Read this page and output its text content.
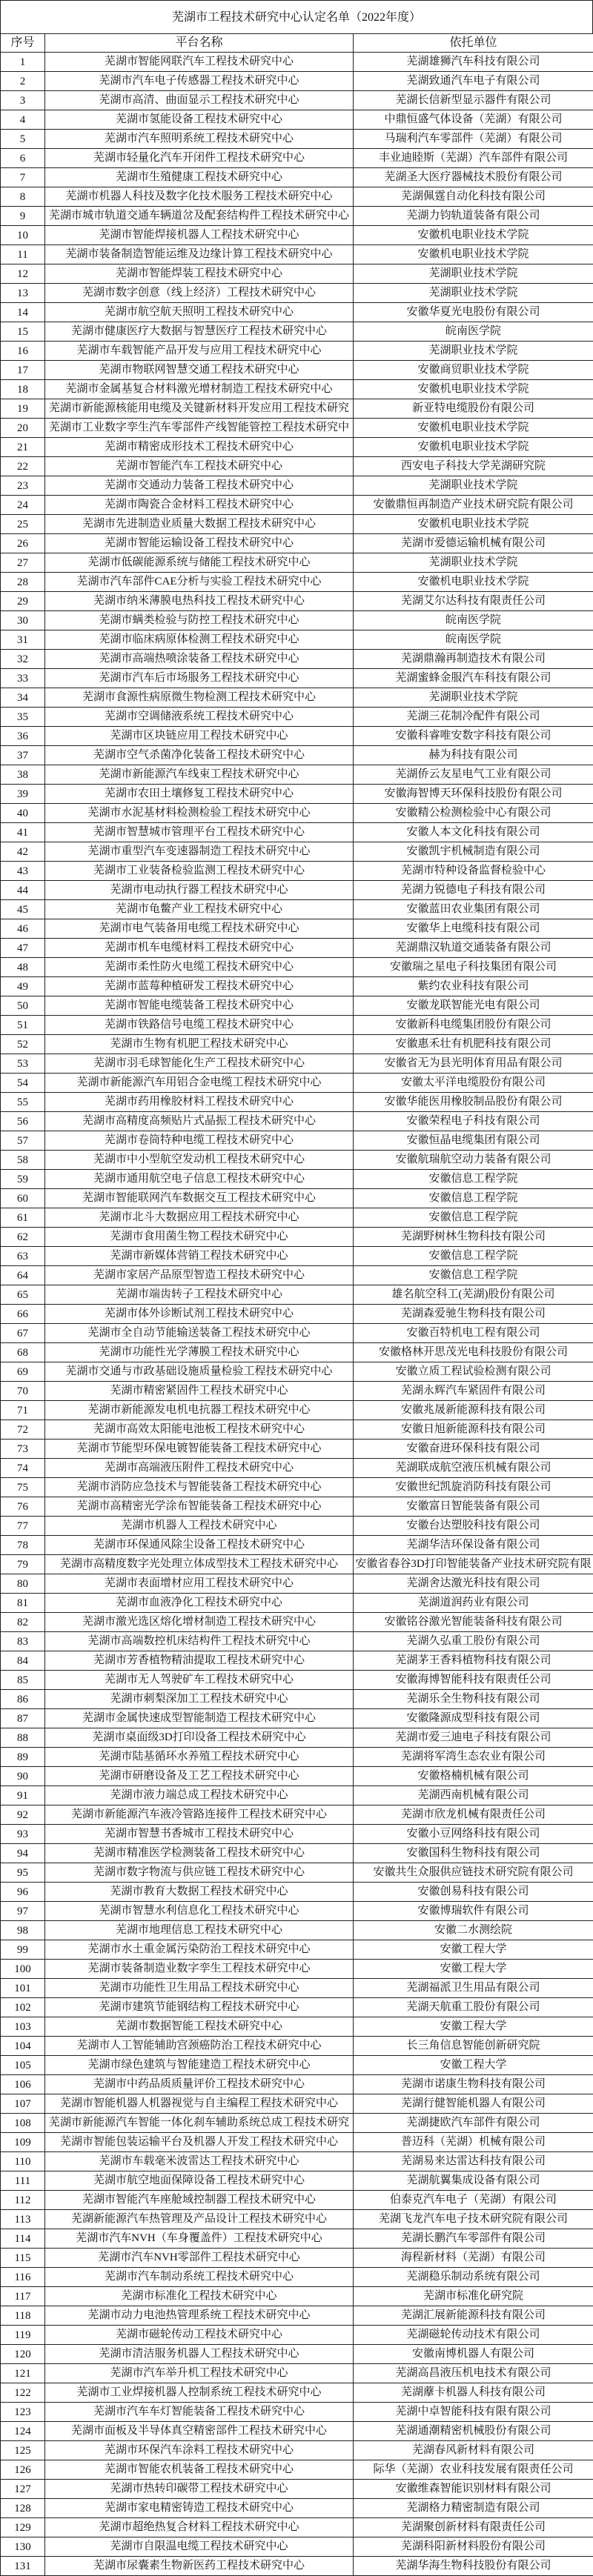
芜湖市工程技术研究中心认定名单（2022年度）
序号	平台名称	依托单位
1	芜湖市智能网联汽车工程技术研究中心	芜湖雄狮汽车科技有限公司

2	芜湖市汽车电子传感器工程技术研究中心	芜湖致通汽车电子有限公司

3	芜湖市高清、曲面显示工程技术研究中心	芜湖长信新型显示器件有限公司

4	芜湖市氢能设备工程技术研究中心	中鼎恒盛气体设备（芜湖）有限公司

5	芜湖市汽车照明系统工程技术研究中心	马瑞利汽车零部件（芜湖）有限公司

6	芜湖市轻量化汽车开闭件工程技术研究中心	丰业迪睦斯（芜湖）汽车部件有限公司

7	芜湖市生殖健康工程技术研究中心	芜湖圣大医疗器械技术股份有限公司

8	芜湖市机器人科技及数字化技术服务工程技术研究中心	芜湖佩霆自动化科技有限公司

9	芜湖市城市轨道交通车辆道岔及配套结构件工程技术研究中心	芜湖力钧轨道装备有限公司

10	芜湖市智能焊接机器人工程技术研究中心	安徽机电职业技术学院

11	芜湖市装备制造智能运维及边缘计算工程技术研究中心	安徽机电职业技术学院

12	芜湖市智能焊装工程技术研究中心	芜湖职业技术学院

13	芜湖市数字创意（线上经济）工程技术研究中心	芜湖职业技术学院

14	芜湖市航空航天照明工程技术研究中心	安徽华夏光电股份有限公司

15	芜湖市健康医疗大数据与智慧医疗工程技术研究中心	皖南医学院

16	芜湖市车载智能产品开发与应用工程技术研究中心	芜湖职业技术学院

17	芜湖市物联网智慧交通工程技术研究中心	安徽商贸职业技术学院

18	芜湖市金属基复合材料激光增材制造工程技术研究中心	安徽机电职业技术学院

19	芜湖市新能源核能用电缆及关键新材料开发应用工程技术研究	新亚特电缆股份有限公司

20	芜湖市工业数字孪生汽车零部件产线智能管控工程技术研究中	安徽机电职业技术学院

21	芜湖市精密成形技术工程技术研究中心	安徽机电职业技术学院

22	芜湖市智能汽车工程技术研究中心	西安电子科技大学芜湖研究院

23	芜湖市交通动力装备工程技术研究中心	芜湖职业技术学院

24	芜湖市陶瓷合金材料工程技术研究中心	安徽鼎恒再制造产业技术研究院有限公司

25	芜湖市先进制造业质量大数据工程技术研究中心	安徽机电职业技术学院

26	芜湖市智能运输设备工程技术研究中心	芜湖市爱德运输机械有限公司

27	芜湖市低碳能源系统与储能工程技术研究中心	芜湖职业技术学院

28	芜湖市汽车部件CAE分析与实验工程技术研究中心	安徽机电职业技术学院

29	芜湖市纳米薄膜电热科技工程技术研究中心	芜湖艾尔达科技有限责任公司

30	芜湖市螨类检验与防控工程技术研究中心	皖南医学院

31	芜湖市临床病原体检测工程技术研究中心	皖南医学院

32	芜湖市高端热喷涂装备工程技术研究中心	芜湖鼎瀚再制造技术有限公司

33	芜湖市汽车后市场服务工程技术研究中心	芜湖蜜蜂金服汽车科技有限公司

34	芜湖市食源性病原微生物检测工程技术研究中心	芜湖职业技术学院

35	芜湖市空调储液系统工程技术研究中心	芜湖三花制冷配件有限公司

36	芜湖市区块链应用工程技术研究中心	安徽科睿唯安数字科技有限公司

37	芜湖市空气杀菌净化装备工程技术研究中心	赫为科技有限公司

38	芜湖市新能源汽车线束工程技术研究中心	芜湖侨云友星电气工业有限公司

39	芜湖市农田土壤修复工程技术研究中心	安徽海智博天环保科技股份有限公司

40	芜湖市水泥基材料检测检验工程技术研究中心	安徽精公检测检验中心有限公司

41	芜湖市智慧城市管理平台工程技术研究中心	安徽人本文化科技有限公司

42	芜湖市重型汽车变速器制造工程技术研究中心	安徽凯宇机械制造有限公司

43	芜湖市工业装备检验监测工程技术研究中心	芜湖市特种设备监督检验中心

44	芜湖市电动执行器工程技术研究中心	芜湖力锐德电子科技有限公司

45	芜湖市龟鳖产业工程技术研究中心	安徽蓝田农业集团有限公司

46	芜湖市电气装备用电缆工程技术研究中心	安徽华上电缆科技有限公司

47	芜湖市机车电缆材料工程技术研究中心	芜湖鼎汉轨道交通装备有限公司

48	芜湖市柔性防火电缆工程技术研究中心	安徽瑞之星电子科技集团有限公司

49	芜湖市蓝莓种植研发工程技术研究中心	紫约农业科技有限公司

50	芜湖市智能电缆装备工程技术研究中心	安徽龙联智能光电有限公司

51	芜湖市铁路信号电缆工程技术研究中心	安徽新科电缆集团股份有限公司

52	芜湖市生物有机肥工程技术研究中心	安徽惠禾壮有机肥科技有限公司

53	芜湖市羽毛球智能化生产工程技术研究中心	安徽省无为县光明体育用品有限公司

54	芜湖市新能源汽车用铝合金电缆工程技术研究中心	安徽太平洋电缆股份有限公司

55	芜湖市药用橡胶材料工程技术研究中心	安徽华能医用橡胶制品股份有限公司

56	芜湖市高精度高频贴片式晶振工程技术研究中心	安徽荣程电子科技有限公司

57	芜湖市卷筒特种电缆工程技术研究中心	安徽恒晶电缆集团有限公司

58	芜湖市中小型航空发动机工程技术研究中心	安徽航瑞航空动力装备有限公司

59	芜湖市通用航空电子信息工程技术研究中心	安徽信息工程学院

60	芜湖市智能联网汽车数据交互工程技术研究中心	安徽信息工程学院

61	芜湖市北斗大数据应用工程技术研究中心	安徽信息工程学院

62	芜湖市食用菌生物工程技术研究中心	芜湖野树林生物科技有限公司

63	芜湖市新媒体营销工程技术研究中心	安徽信息工程学院

64	芜湖市家居产品原型智造工程技术研究中心	安徽信息工程学院

65	芜湖市端齿转子工程技术研究中心	雄名航空科工(芜湖)股份有限公司

66	芜湖市体外诊断试剂工程技术研究中心	芜湖森爱驰生物科技有限公司

67	芜湖市全自动节能输送装备工程技术研究中心	安徽百特机电工程有限公司

68	芜湖市功能性光学薄膜工程技术研究中心	安徽格林开思茂光电科技股份有限公司

69	芜湖市交通与市政基础设施质量检验工程技术研究中心	安徽立质工程试验检测有限公司

70	芜湖市精密紧固件工程技术研究中心	芜湖永辉汽车紧固件有限公司

71	芜湖市新能源发电机电抗器工程技术研究中心	安徽兆晟新能源科技有限公司

72	芜湖市高效太阳能电池板工程技术研究中心	安徽日旭新能源科技有限公司

73	芜湖市节能型环保电镀智能装备工程技术研究中心	安徽奋进环保科技有限公司

74	芜湖市高端液压附件工程技术研究中心	芜湖联成航空液压机械有限公司

75	芜湖市消防应急技术与智能装备工程技术研究中心	安徽世纪凯旋消防科技有限公司

76	芜湖市高精密光学涂布智能装备工程技术研究中心	安徽富日智能装备有限公司

77	芜湖市机器人工程技术研究中心	安徽台达塑胶科技有限公司

78	芜湖市环保通风除尘设备工程技术研究中心	芜湖华洁环保设备有限公司

79	芜湖市高精度数字光处理立体成型技术工程技术研究中心	安徽省春谷3D打印智能装备产业技术研究院有限

80	芜湖市表面增材应用工程技术研究中心	芜湖舍达激光科技有限公司

81	芜湖市血液净化工程技术研究中心	芜湖道润药业有限公司

82	芜湖市激光选区熔化增材制造工程技术研究中心	安徽铭谷激光智能装备科技有限公司

83	芜湖市高端数控机床结构件工程技术研究中心	芜湖久弘重工股份有限公司

84	芜湖市芳香植物精油提取工程技术研究中心	芜湖茅王香料植物科技有限公司

85	芜湖市无人驾驶矿车工程技术研究中心	安徽海博智能科技有限责任公司

86	芜湖市刺梨深加工工程技术研究中心	芜湖乐全生物科技有限公司

87	芜湖市金属快速成型智能制造工程技术研究中心	安徽隆源成型科技有限公司

88	芜湖市桌面级3D打印设备工程技术研究中心	芜湖市爱三迪电子科技有限公司

89	芜湖市陆基循环水养殖工程技术研究中心	芜湖将军湾生态农业有限公司

90	芜湖市研磨设备及工艺工程技术研究中心	安徽格楠机械有限公司

91	芜湖市液力端总成工程技术研究中心	芜湖西南机械有限公司

92	芜湖市新能源汽车液冷管路连接件工程技术研究中心	芜湖市欣龙机械有限责任公司

93	芜湖市智慧书香城市工程技术研究中心	安徽小豆网络科技有限公司

94	芜湖市精准医学检测装备工程技术研究中心	安徽国科生物科技有限公司

95	芜湖市数字物流与供应链工程技术研究中心	安徽共生众服供应链技术研究院有限公司

96	芜湖市教育大数据工程技术研究中心	安徽创易科技有限公司

97	芜湖市智慧水利信息化工程技术研究中心	安徽博瑞软件有限公司

98	芜湖市地理信息工程技术研究中心	安徽二水测绘院

99	芜湖市水土重金属污染防治工程技术研究中心	安徽工程大学

100	芜湖市装备制造业数字孪生工程技术研究中心	安徽工程大学

101	芜湖市功能性卫生用品工程技术研究中心	芜湖福派卫生用品有限公司

102	芜湖市建筑节能钢结构工程技术研究中心	芜湖天航重工股份有限公司

103	芜湖市数据智能工程技术研究中心	安徽工程大学

104	芜湖市人工智能辅助宫颈癌防治工程技术研究中心	长三角信息智能创新研究院

105	芜湖市绿色建筑与智能建造工程技术研究中心	安徽工程大学

106	芜湖市中药品质质量评价工程技术研究中心	芜湖市诺康生物科技有限公司

107	芜湖市智能机器人机器视觉与自主编程工程技术研究中心	芜湖行健智能机器人有限公司

108	芜湖市新能源汽车智能一体化刹车辅助系统总成工程技术研究	芜湖捷欧汽车部件有限公司

109	芜湖市智能包装运输平台及机器人开发工程技术研究中心	普迈科（芜湖）机械有限公司

110	芜湖市车载毫米波雷达工程技术研究中心	芜湖易来达雷达科技有限公司

111	芜湖市航空地面保障设备工程技术研究中心	芜湖航翼集成设备有限公司

112	芜湖市智能汽车座舱域控制器工程技术研究中心	伯泰克汽车电子（芜湖）有限公司

113	芜湖新能源汽车热管理及产品设计工程技术研究中心	芜湖飞龙汽车电子技术研究院有限公司

114	芜湖市汽车NVH（车身覆盖件）工程技术研究中心	芜湖长鹏汽车零部件有限公司

115	芜湖市汽车NVH零部件工程技术研究中心	海程新材料（芜湖）有限公司

116	芜湖市汽车制动系统工程技术研究中心	芜湖稳乐制动系统有限公司

117	芜湖市标准化工程技术研究中心	芜湖市标准化研究院

118	芜湖市动力电池热管理系统工程技术研究中心	芜湖汇展新能源科技有限公司

119	芜湖市磁轮传动工程技术研究中心	芜湖磁轮传动技术有限公司

120	芜湖市清洁服务机器人工程技术研究中心	安徽南博机器人有限公司

121	芜湖市汽车举升机工程技术研究中心	芜湖高昌液压机电技术有限公司

122	芜湖市工业焊接机器人控制系统工程技术研究中心	芜湖藦卡机器人科技有限公司

123	芜湖市汽车车灯智能装备工程技术研究中心	芜湖中卓智能科技有限有限公司

124	芜湖市面板及半导体真空精密部件工程技术研究中心	芜湖通潮精密机械股份有限公司

125	芜湖市环保汽车涂料工程技术研究中心	芜湖春风新材料有限公司

126	芜湖市智能农机装备工程技术研究中心	际华（芜湖）农业科技发展有限责任公司

127	芜湖市热转印碳带工程技术研究中心	安徽维森智能识别材料有限公司

128	芜湖市家电精密铸造工程技术研究中心	芜湖格力精密制造有限公司

129	芜湖市超绝热复合材料工程技术研究中心	芜湖聚创新材料有限责任公司

130	芜湖市自限温电缆工程技术研究中心	芜湖科阳新材料股份有限公司

131	芜湖市尿囊素生物新医药工程技术研究中心	芜湖华海生物科技股份有限公司
